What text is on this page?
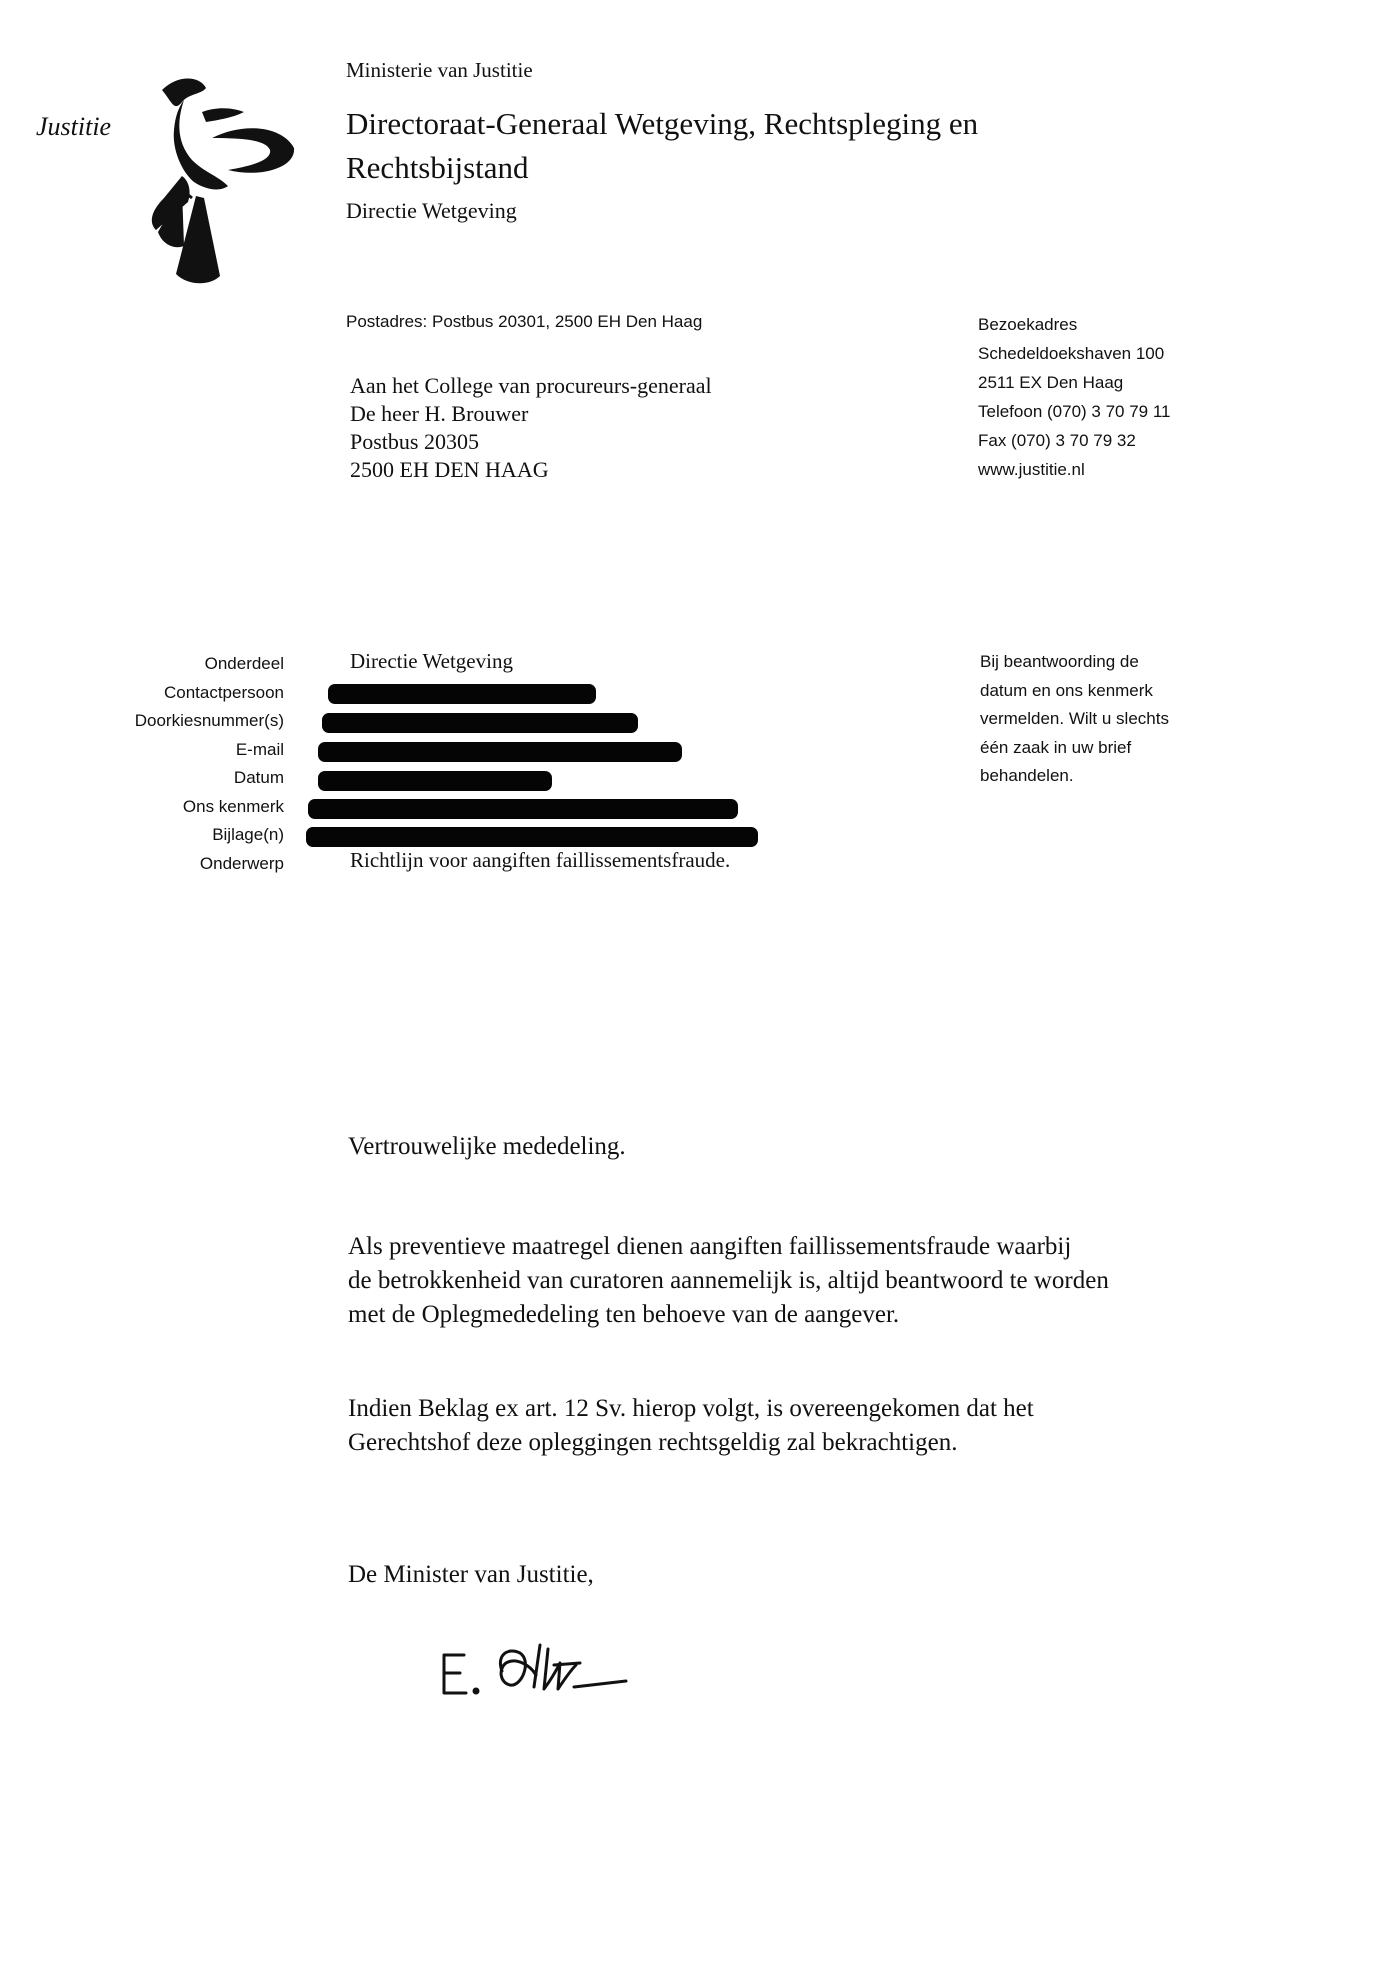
Justitie
Ministerie van Justitie
Directoraat-Generaal Wetgeving, Rechtspleging en
Rechtsbijstand
Directie Wetgeving
Postadres: Postbus 20301, 2500 EH Den Haag
Aan het College van procureurs-generaal
De heer H. Brouwer
Postbus 20305
2500 EH DEN HAAG
Bezoekadres
Schedeldoekshaven 100
2511 EX Den Haag
Telefoon (070) 3 70 79 11
Fax (070) 3 70 79 32
www.justitie.nl
Onderdeel
Contactpersoon
Doorkiesnummer(s)
E-mail
Datum
Ons kenmerk
Bijlage(n)
Onderwerp
Directie Wetgeving
Richtlijn voor aangiften faillissementsfraude.
Bij beantwoording de
datum en ons kenmerk
vermelden. Wilt u slechts
één zaak in uw brief
behandelen.
Vertrouwelijke mededeling.
Als preventieve maatregel dienen aangiften faillissementsfraude waarbij
de betrokkenheid van curatoren aannemelijk is, altijd beantwoord te worden
met de Oplegmededeling ten behoeve van de aangever.
Indien Beklag ex art. 12 Sv. hierop volgt, is overeengekomen dat het
Gerechtshof deze opleggingen rechtsgeldig zal bekrachtigen.
De Minister van Justitie,
